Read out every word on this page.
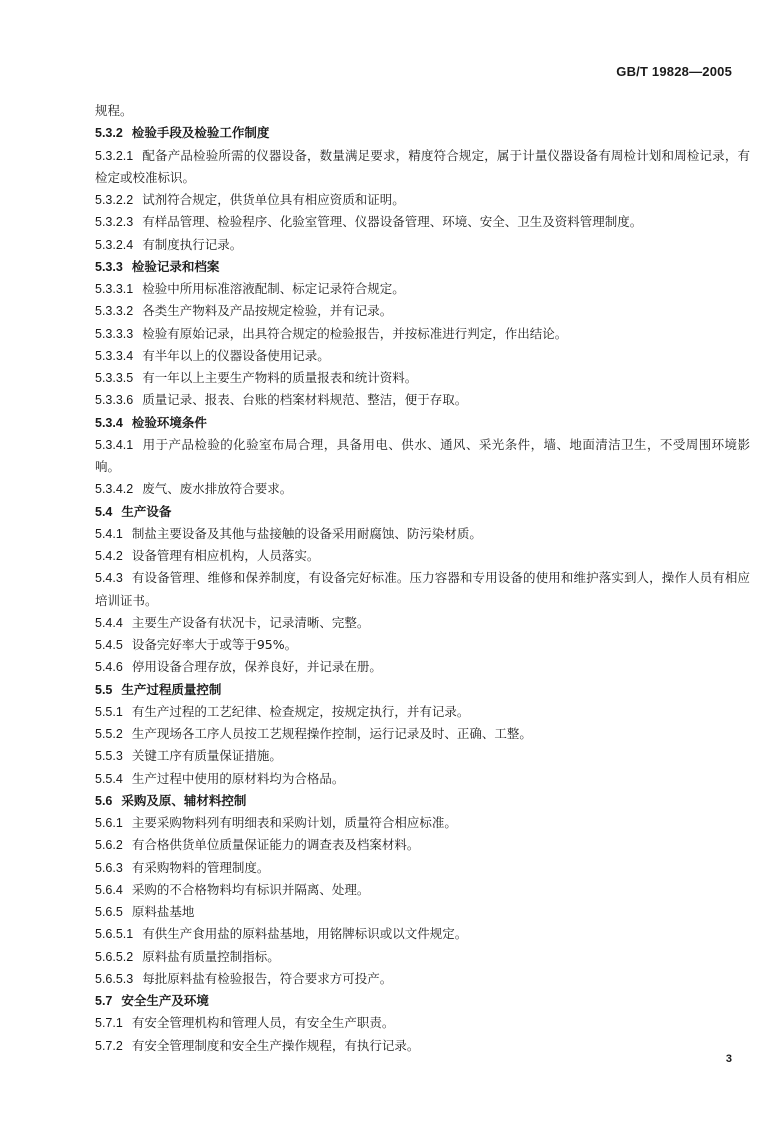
GB/T 19828—2005

规程。

5.3.2 检验手段及检验工作制度

5.3.2.1 配备产品检验所需的仪器设备，数量满足要求，精度符合规定，属于计量仪器设备有周检计划和周检记录，有检定或校准标识。

5.3.2.2 试剂符合规定，供货单位具有相应资质和证明。

5.3.2.3 有样品管理、检验程序、化验室管理、仪器设备管理、环境、安全、卫生及资料管理制度。

5.3.2.4 有制度执行记录。

5.3.3 检验记录和档案

5.3.3.1 检验中所用标准溶液配制、标定记录符合规定。

5.3.3.2 各类生产物料及产品按规定检验，并有记录。

5.3.3.3 检验有原始记录，出具符合规定的检验报告，并按标准进行判定，作出结论。

5.3.3.4 有半年以上的仪器设备使用记录。

5.3.3.5 有一年以上主要生产物料的质量报表和统计资料。

5.3.3.6 质量记录、报表、台账的档案材料规范、整洁，便于存取。

5.3.4 检验环境条件

5.3.4.1 用于产品检验的化验室布局合理，具备用电、供水、通风、采光条件，墙、地面清洁卫生，不受周围环境影响。

5.3.4.2 废气、废水排放符合要求。

5.4 生产设备

5.4.1 制盐主要设备及其他与盐接触的设备采用耐腐蚀、防污染材质。

5.4.2 设备管理有相应机构，人员落实。

5.4.3 有设备管理、维修和保养制度，有设备完好标准。压力容器和专用设备的使用和维护落实到人，操作人员有相应培训证书。

5.4.4 主要生产设备有状况卡，记录清晰、完整。

5.4.5 设备完好率大于或等于95%。

5.4.6 停用设备合理存放，保养良好，并记录在册。

5.5 生产过程质量控制

5.5.1 有生产过程的工艺纪律、检查规定，按规定执行，并有记录。

5.5.2 生产现场各工序人员按工艺规程操作控制，运行记录及时、正确、工整。

5.5.3 关键工序有质量保证措施。

5.5.4 生产过程中使用的原材料均为合格品。

5.6 采购及原、辅材料控制

5.6.1 主要采购物料列有明细表和采购计划，质量符合相应标准。

5.6.2 有合格供货单位质量保证能力的调查表及档案材料。

5.6.3 有采购物料的管理制度。

5.6.4 采购的不合格物料均有标识并隔离、处理。

5.6.5 原料盐基地

5.6.5.1 有供生产食用盐的原料盐基地，用铭牌标识或以文件规定。

5.6.5.2 原料盐有质量控制指标。

5.6.5.3 每批原料盐有检验报告，符合要求方可投产。

5.7 安全生产及环境

5.7.1 有安全管理机构和管理人员，有安全生产职责。

5.7.2 有安全管理制度和安全生产操作规程，有执行记录。

3
